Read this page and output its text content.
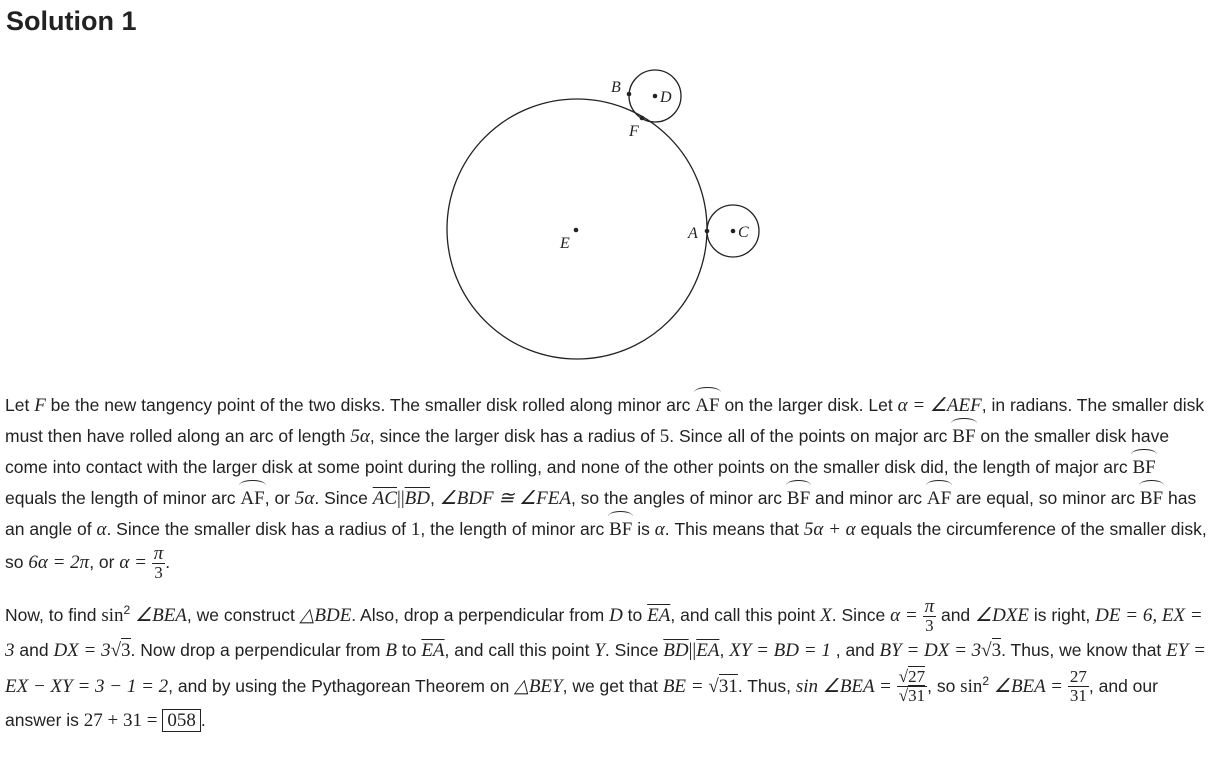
Solution 1
B
D
F
E
A	C
Let F be the new tangency point of the two disks. The smaller disk rolled along minor arc AF on the larger disk. Let α = ∠AEF, in radians. The smaller disk must then have rolled along an arc of length 5α, since the larger disk has a radius of 5. Since all of the points on major arc BF on the smaller disk have come into contact with the larger disk at some point during the rolling, and none of the other points on the smaller disk did, the length of major arc BF equals the length of minor arc AF, or 5α. Since $\overline{AC}||\overline{BD}$, ∠BDF ≅ ∠FEA, so the angles of minor arc BF and minor arc AF are equal, so minor arc BF has an angle of α. Since the smaller disk has a radius of 1, the length of minor arc BF is α. This means that 5α + α equals the circumference of the smaller disk, so 6α = 2π, or $\alpha = \frac{\pi}{3}$ .
Now, to find $\sin^2$ ∠BEA, we construct △BDE. Also, drop a perpendicular from D to $\overline{EA}$, and call this point X. Since $\alpha = \frac{\pi}{3}$ and ∠DXE is right, DE = 6, EX = 3 and DX = 3√3. Now drop a perpendicular from B to $\overline{EA}$, and call this point Y. Since $\overline{BD}||\overline{EA}$, XY = BD = 1 , and BY = DX = 3√3. Thus, we know that EY = EX − XY = 3 − 1 = 2, and by using the Pythagorean Theorem on △BEY, we get that BE = √31. Thus, sin ∠BEA = $\frac{√27}{√31}$ , so $\sin^2$ ∠BEA = $\frac{27}{31}$ , and our answer is 27 + 31 = 058 .
